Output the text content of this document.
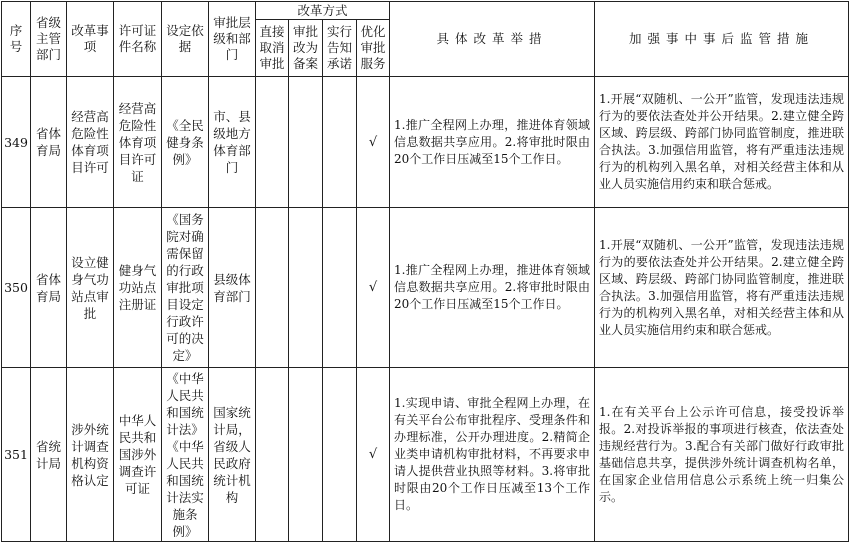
序号	省级主管部门	改革事项	许可证件名称	设定依据	审批层级和部门	改革方式				具体改革举措	加强事中事后监管措施
						直接取消审批	审批改为备案	实行告知承诺	优化审批服务		
349	省体育局	经营高危险性体育项目许可	经营高危险性体育项目许可证	《全民健身条例》	市、县级地方体育部门				√	1.推广全程网上办理，推进体育领域信息数据共享应用。2.将审批时限由20个工作日压减至15个工作日。	1.开展“双随机、一公开”监管，发现违法违规行为的要依法查处并公开结果。2.建立健全跨区域、跨层级、跨部门协同监管制度，推进联合执法。3.加强信用监管，将有严重违法违规行为的机构列入黑名单，对相关经营主体和从业人员实施信用约束和联合惩戒。
350	省体育局	设立健身气功站点审批	健身气功站点注册证	《国务院对确需保留的行政审批项目设定行政许可的决定》	县级体育部门				√	1.推广全程网上办理，推进体育领域信息数据共享应用。2.将审批时限由20个工作日压减至15个工作日。	1.开展“双随机、一公开”监管，发现违法违规行为的要依法查处并公开结果。2.建立健全跨区域、跨层级、跨部门协同监管制度，推进联合执法。3.加强信用监管，将有严重违法违规行为的机构列入黑名单，对相关经营主体和从业人员实施信用约束和联合惩戒。
351	省统计局	涉外统计调查机构资格认定	中华人民共和国涉外调查许可证	《中华人民共和国统计法》《中华人民共和国统计法实施条例》	国家统计局，省级人民政府统计机构				√	1.实现申请、审批全程网上办理，在有关平台公布审批程序、受理条件和办理标准，公开办理进度。2.精简企业类申请机构审批材料，不再要求申请人提供营业执照等材料。3.将审批时限由20个工作日压减至13个工作日。	1.在有关平台上公示许可信息，接受投诉举报。2.对投诉举报的事项进行核查，依法查处违规经营行为。3.配合有关部门做好行政审批基础信息共享，提供涉外统计调查机构名单，在国家企业信用信息公示系统上统一归集公示。
